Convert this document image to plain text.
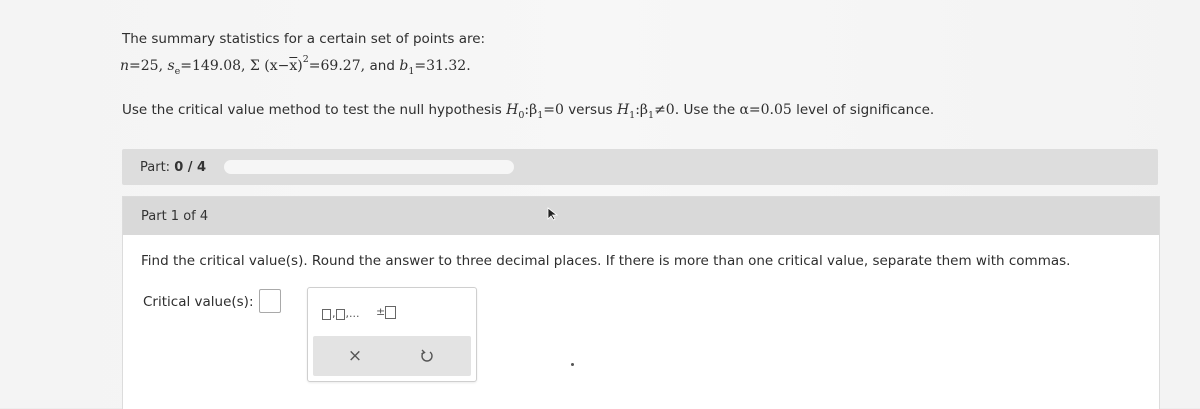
The summary statistics for a certain set of points are:
n=25, $s_e=149.08$, Σ $(x-\overline{x})^2=69.27$, and $b_1=31.32$.
Use the critical value method to test the null hypothesis $H_0:\beta_1=0$ versus $H_1:\beta_1\ne 0$. Use the α=0.05 level of significance.
Part: 0 / 4
Part 1 of 4
Find the critical value(s). Round the answer to three decimal places. If there is more than one critical value, separate them with commas.
Critical value(s):
, ,... ±
×
